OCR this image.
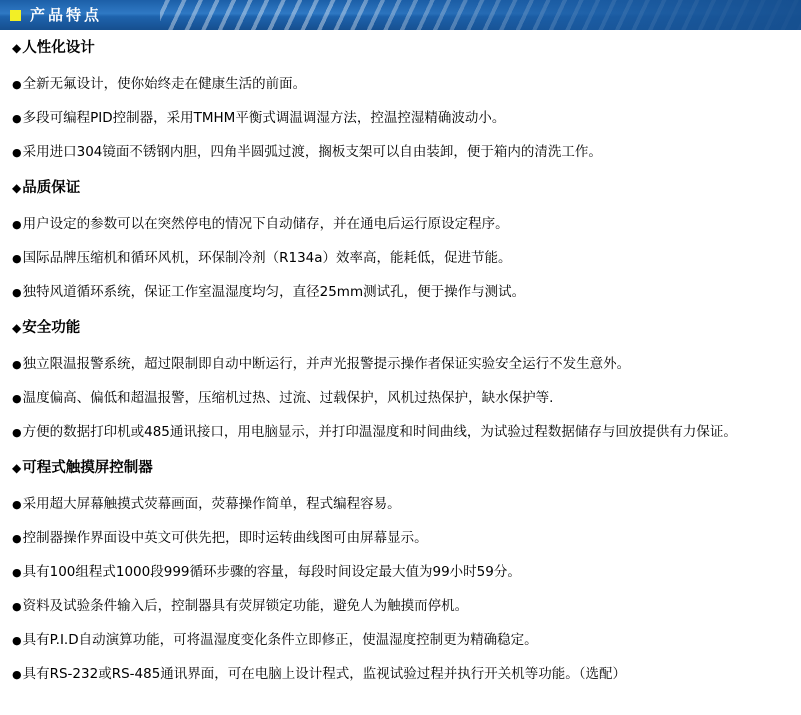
产品特点
◆人性化设计
●全新无氟设计，使你始终走在健康生活的前面。
●多段可编程PID控制器，采用TMHM平衡式调温调湿方法，控温控湿精确波动小。
●采用进口304镜面不锈钢内胆，四角半圆弧过渡，搁板支架可以自由装卸，便于箱内的清洗工作。
◆品质保证
●用户设定的参数可以在突然停电的情况下自动储存，并在通电后运行原设定程序。
●国际品牌压缩机和循环风机，环保制冷剂（R134a）效率高，能耗低，促进节能。
●独特风道循环系统，保证工作室温湿度均匀，直径25mm测试孔，便于操作与测试。
◆安全功能
●独立限温报警系统，超过限制即自动中断运行，并声光报警提示操作者保证实验安全运行不发生意外。
●温度偏高、偏低和超温报警，压缩机过热、过流、过载保护，风机过热保护，缺水保护等.
●方便的数据打印机或485通讯接口，用电脑显示，并打印温湿度和时间曲线，为试验过程数据储存与回放提供有力保证。
◆可程式触摸屏控制器
●采用超大屏幕触摸式荧幕画面，荧幕操作简单，程式编程容易。
●控制器操作界面设中英文可供先把，即时运转曲线图可由屏幕显示。
●具有100组程式1000段999循环步骤的容量，每段时间设定最大值为99小时59分。
●资料及试验条件输入后，控制器具有荧屏锁定功能，避免人为触摸而停机。
●具有P.I.D自动演算功能，可将温湿度变化条件立即修正，使温湿度控制更为精确稳定。
●具有RS-232或RS-485通讯界面，可在电脑上设计程式，监视试验过程并执行开关机等功能。（选配）
